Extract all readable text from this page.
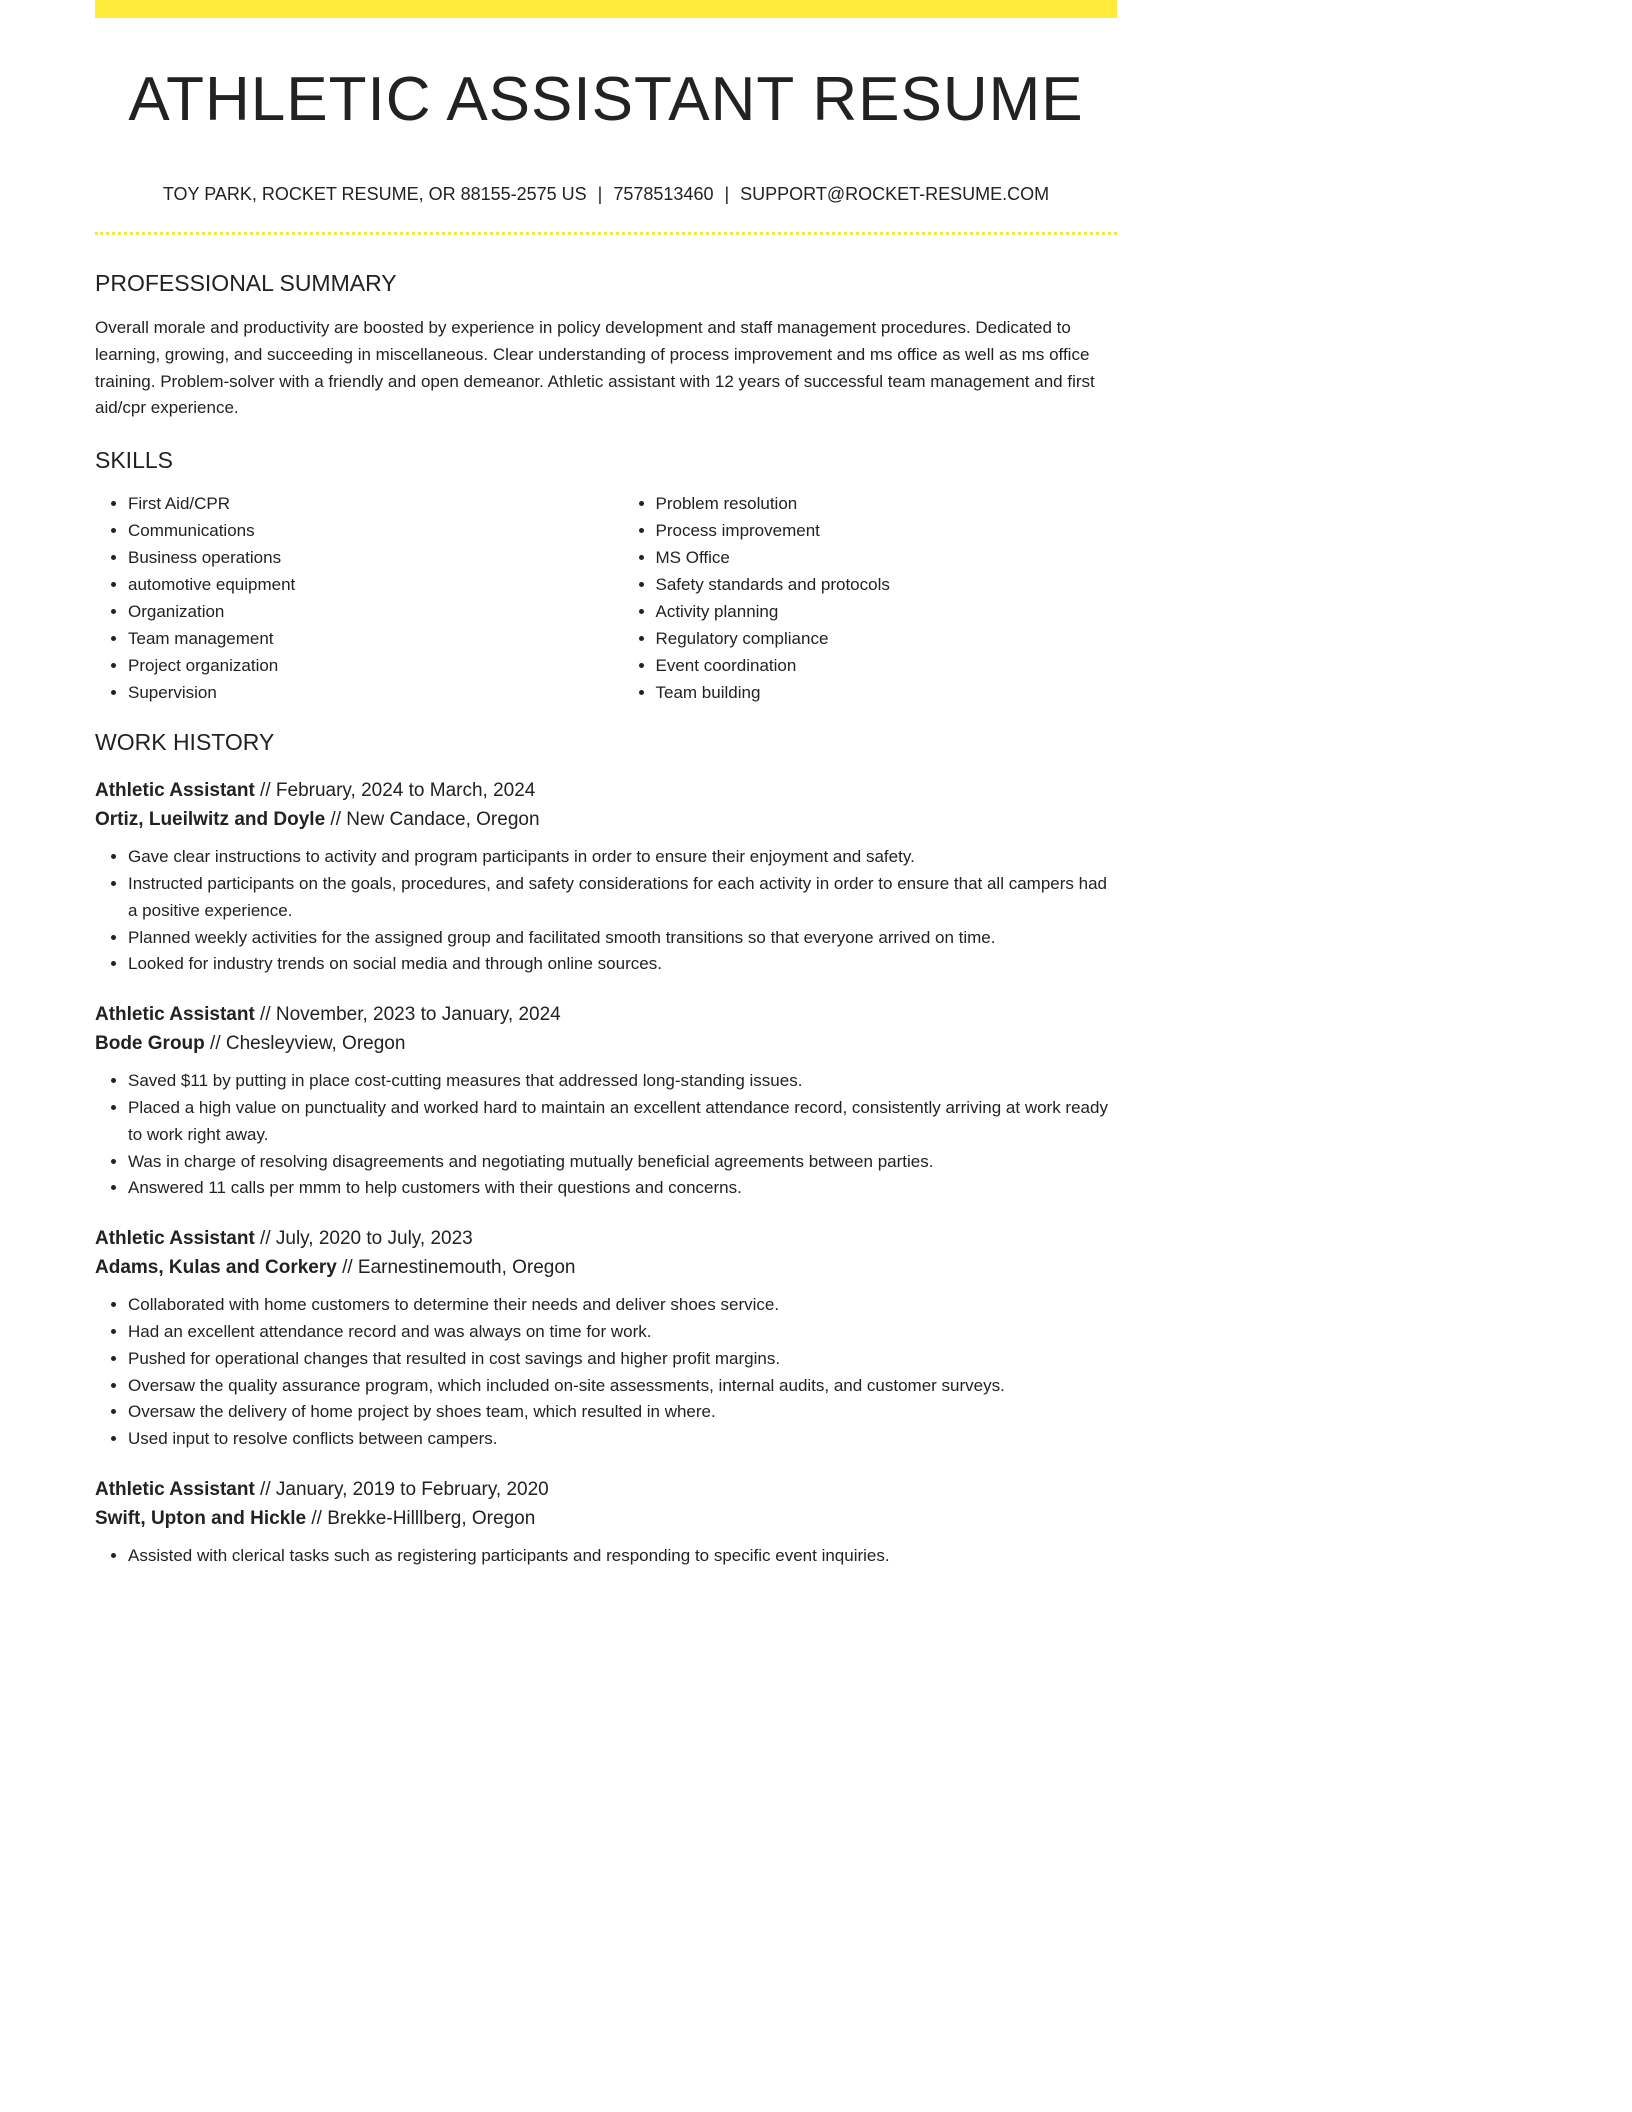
ATHLETIC ASSISTANT RESUME
TOY PARK, ROCKET RESUME, OR 88155-2575 US | 7578513460 | SUPPORT@ROCKET-RESUME.COM
PROFESSIONAL SUMMARY

Overall morale and productivity are boosted by experience in policy development and staff management procedures. Dedicated to learning, growing, and succeeding in miscellaneous. Clear understanding of process improvement and ms office as well as ms office training. Problem-solver with a friendly and open demeanor. Athletic assistant with 12 years of successful team management and first aid/cpr experience.

SKILLS
• First Aid/CPR
• Communications
• Business operations
• automotive equipment
• Organization
• Team management
• Project organization
• Supervision
• Problem resolution
• Process improvement
• MS Office
• Safety standards and protocols
• Activity planning
• Regulatory compliance
• Event coordination
• Team building
WORK HISTORY
Athletic Assistant // February, 2024 to March, 2024
Ortiz, Lueilwitz and Doyle // New Candace, Oregon
• Gave clear instructions to activity and program participants in order to ensure their enjoyment and safety.
• Instructed participants on the goals, procedures, and safety considerations for each activity in order to ensure that all campers had a positive experience.
• Planned weekly activities for the assigned group and facilitated smooth transitions so that everyone arrived on time.
• Looked for industry trends on social media and through online sources.
Athletic Assistant // November, 2023 to January, 2024
Bode Group // Chesleyview, Oregon
• Saved $11 by putting in place cost-cutting measures that addressed long-standing issues.
• Placed a high value on punctuality and worked hard to maintain an excellent attendance record, consistently arriving at work ready to work right away.
• Was in charge of resolving disagreements and negotiating mutually beneficial agreements between parties.
• Answered 11 calls per mmm to help customers with their questions and concerns.
Athletic Assistant // July, 2020 to July, 2023
Adams, Kulas and Corkery // Earnestinemouth, Oregon
• Collaborated with home customers to determine their needs and deliver shoes service.
• Had an excellent attendance record and was always on time for work.
• Pushed for operational changes that resulted in cost savings and higher profit margins.
• Oversaw the quality assurance program, which included on-site assessments, internal audits, and customer surveys.
• Oversaw the delivery of home project by shoes team, which resulted in where.
• Used input to resolve conflicts between campers.
Athletic Assistant // January, 2019 to February, 2020
Swift, Upton and Hickle // Brekke-Hilllberg, Oregon
• Assisted with clerical tasks such as registering participants and responding to specific event inquiries.
